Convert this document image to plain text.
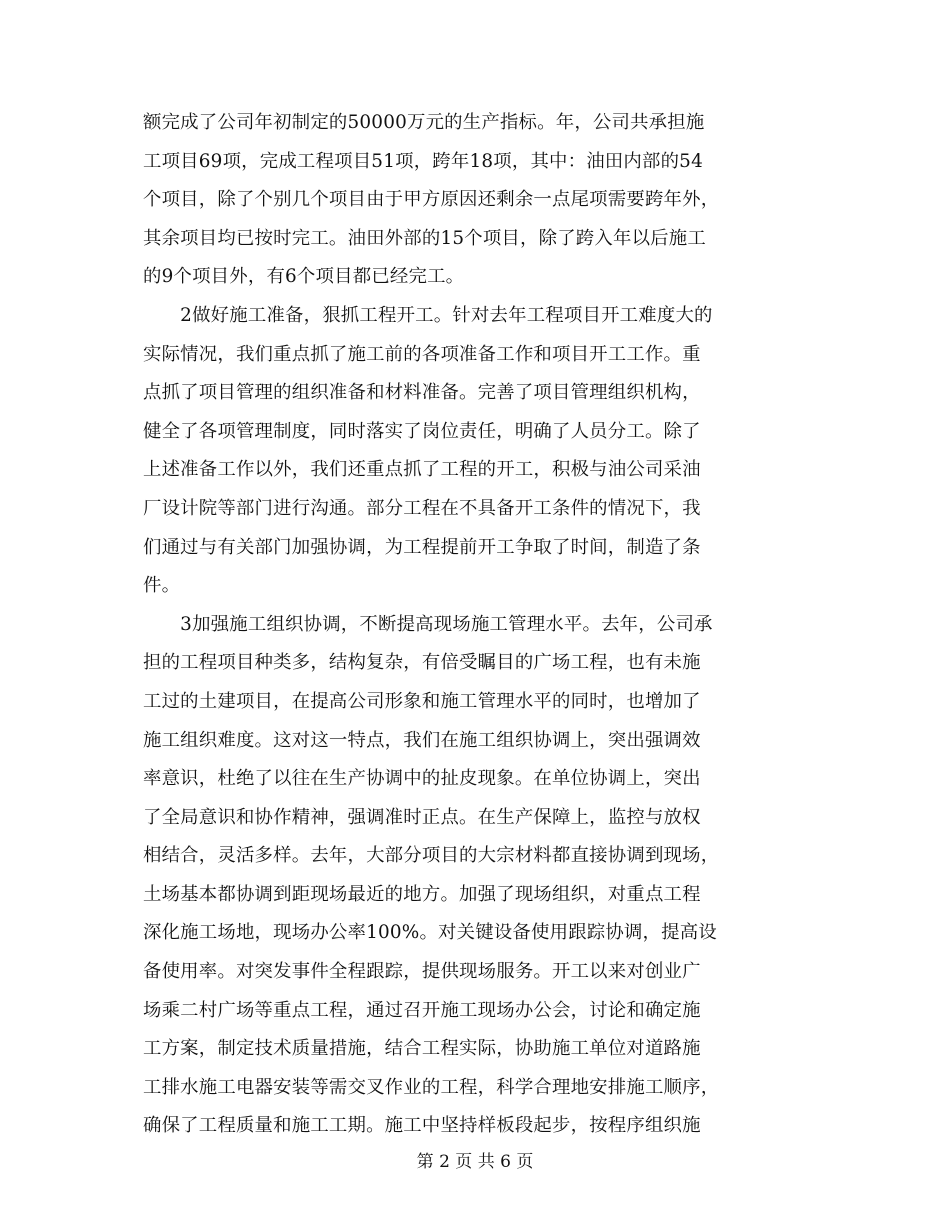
额完成了公司年初制定的50000万元的生产指标。年，公司共承担施
工项目69项，完成工程项目51项，跨年18项，其中：油田内部的54
个项目，除了个别几个项目由于甲方原因还剩余一点尾项需要跨年外，
其余项目均已按时完工。油田外部的15个项目，除了跨入年以后施工
的9个项目外，有6个项目都已经完工。
　　2做好施工准备，狠抓工程开工。针对去年工程项目开工难度大的
实际情况，我们重点抓了施工前的各项准备工作和项目开工工作。重
点抓了项目管理的组织准备和材料准备。完善了项目管理组织机构，
健全了各项管理制度，同时落实了岗位责任，明确了人员分工。除了
上述准备工作以外，我们还重点抓了工程的开工，积极与油公司采油
厂设计院等部门进行沟通。部分工程在不具备开工条件的情况下，我
们通过与有关部门加强协调，为工程提前开工争取了时间，制造了条
件。
　　3加强施工组织协调，不断提高现场施工管理水平。去年，公司承
担的工程项目种类多，结构复杂，有倍受瞩目的广场工程，也有未施
工过的土建项目，在提高公司形象和施工管理水平的同时，也增加了
施工组织难度。这对这一特点，我们在施工组织协调上，突出强调效
率意识，杜绝了以往在生产协调中的扯皮现象。在单位协调上，突出
了全局意识和协作精神，强调准时正点。在生产保障上，监控与放权
相结合，灵活多样。去年，大部分项目的大宗材料都直接协调到现场，
土场基本都协调到距现场最近的地方。加强了现场组织，对重点工程
深化施工场地，现场办公率100%。对关键设备使用跟踪协调，提高设
备使用率。对突发事件全程跟踪，提供现场服务。开工以来对创业广
场乘二村广场等重点工程，通过召开施工现场办公会，讨论和确定施
工方案，制定技术质量措施，结合工程实际，协助施工单位对道路施
工排水施工电器安装等需交叉作业的工程，科学合理地安排施工顺序，
确保了工程质量和施工工期。施工中坚持样板段起步，按程序组织施
第 2 页 共 6 页
